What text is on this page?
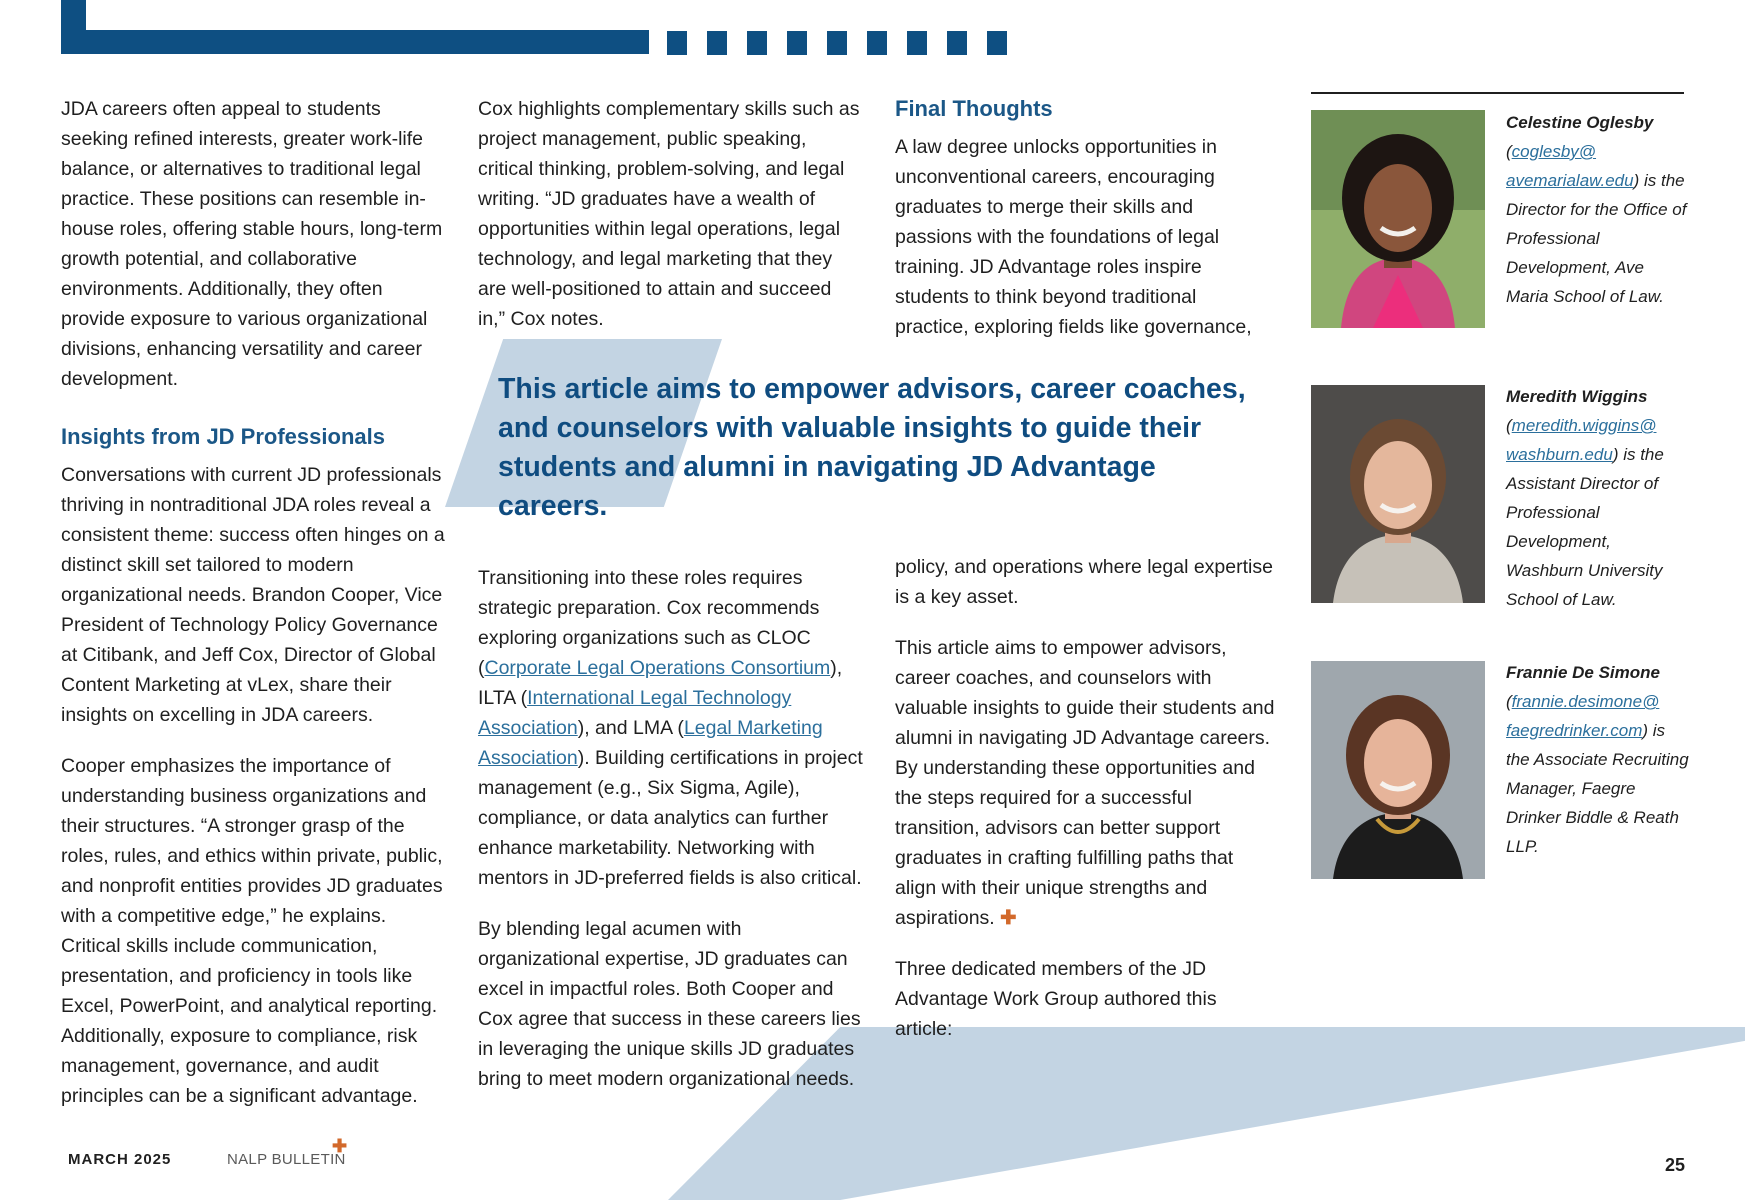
JDA careers often appeal to students seeking refined interests, greater work-life balance, or alternatives to traditional legal practice. These positions can resemble in-house roles, offering stable hours, long-term growth potential, and collaborative environments. Additionally, they often provide exposure to various organizational divisions, enhancing versatility and career development.

Insights from JD Professionals

Conversations with current JD professionals thriving in nontraditional JDA roles reveal a consistent theme: success often hinges on a distinct skill set tailored to modern organizational needs. Brandon Cooper, Vice President of Technology Policy Governance at Citibank, and Jeff Cox, Director of Global Content Marketing at vLex, share their insights on excelling in JDA careers.

Cooper emphasizes the importance of understanding business organizations and their structures. “A stronger grasp of the roles, rules, and ethics within private, public, and nonprofit entities provides JD graduates with a competitive edge,” he explains. Critical skills include communication, presentation, and proficiency in tools like Excel, PowerPoint, and analytical reporting. Additionally, exposure to compliance, risk management, governance, and audit principles can be a significant advantage.

Cox highlights complementary skills such as project management, public speaking, critical thinking, problem-solving, and legal writing. “JD graduates have a wealth of opportunities within legal operations, legal technology, and legal marketing that they are well-positioned to attain and succeed in,” Cox notes.

This article aims to empower advisors, career coaches, and counselors with valuable insights to guide their students and alumni in navigating JD Advantage careers.

Transitioning into these roles requires strategic preparation. Cox recommends exploring organizations such as CLOC (Corporate Legal Operations Consortium), ILTA (International Legal Technology Association), and LMA (Legal Marketing Association). Building certifications in project management (e.g., Six Sigma, Agile), compliance, or data analytics can further enhance marketability. Networking with mentors in JD-preferred fields is also critical.

By blending legal acumen with organizational expertise, JD graduates can excel in impactful roles. Both Cooper and Cox agree that success in these careers lies in leveraging the unique skills JD graduates bring to meet modern organizational needs.

Final Thoughts

A law degree unlocks opportunities in unconventional careers, encouraging graduates to merge their skills and passions with the foundations of legal training. JD Advantage roles inspire students to think beyond traditional practice, exploring fields like governance,

policy, and operations where legal expertise is a key asset.

This article aims to empower advisors, career coaches, and counselors with valuable insights to guide their students and alumni in navigating JD Advantage careers. By understanding these opportunities and the steps required for a successful transition, advisors can better support graduates in crafting fulfilling paths that align with their unique strengths and aspirations. ✚

Three dedicated members of the JD Advantage Work Group authored this article:

Celestine Oglesby
(coglesby@
avemarialaw.edu) is the Director for the Office of Professional Development, Ave Maria School of Law.
Meredith Wiggins
(meredith.wiggins@
washburn.edu) is the Assistant Director of Professional Development, Washburn University School of Law.
Frannie De Simone
(frannie.desimone@
faegredrinker.com) is the Associate Recruiting Manager, Faegre Drinker Biddle & Reath LLP.
MARCH 2025	NALP BULLETIN
✚
25
